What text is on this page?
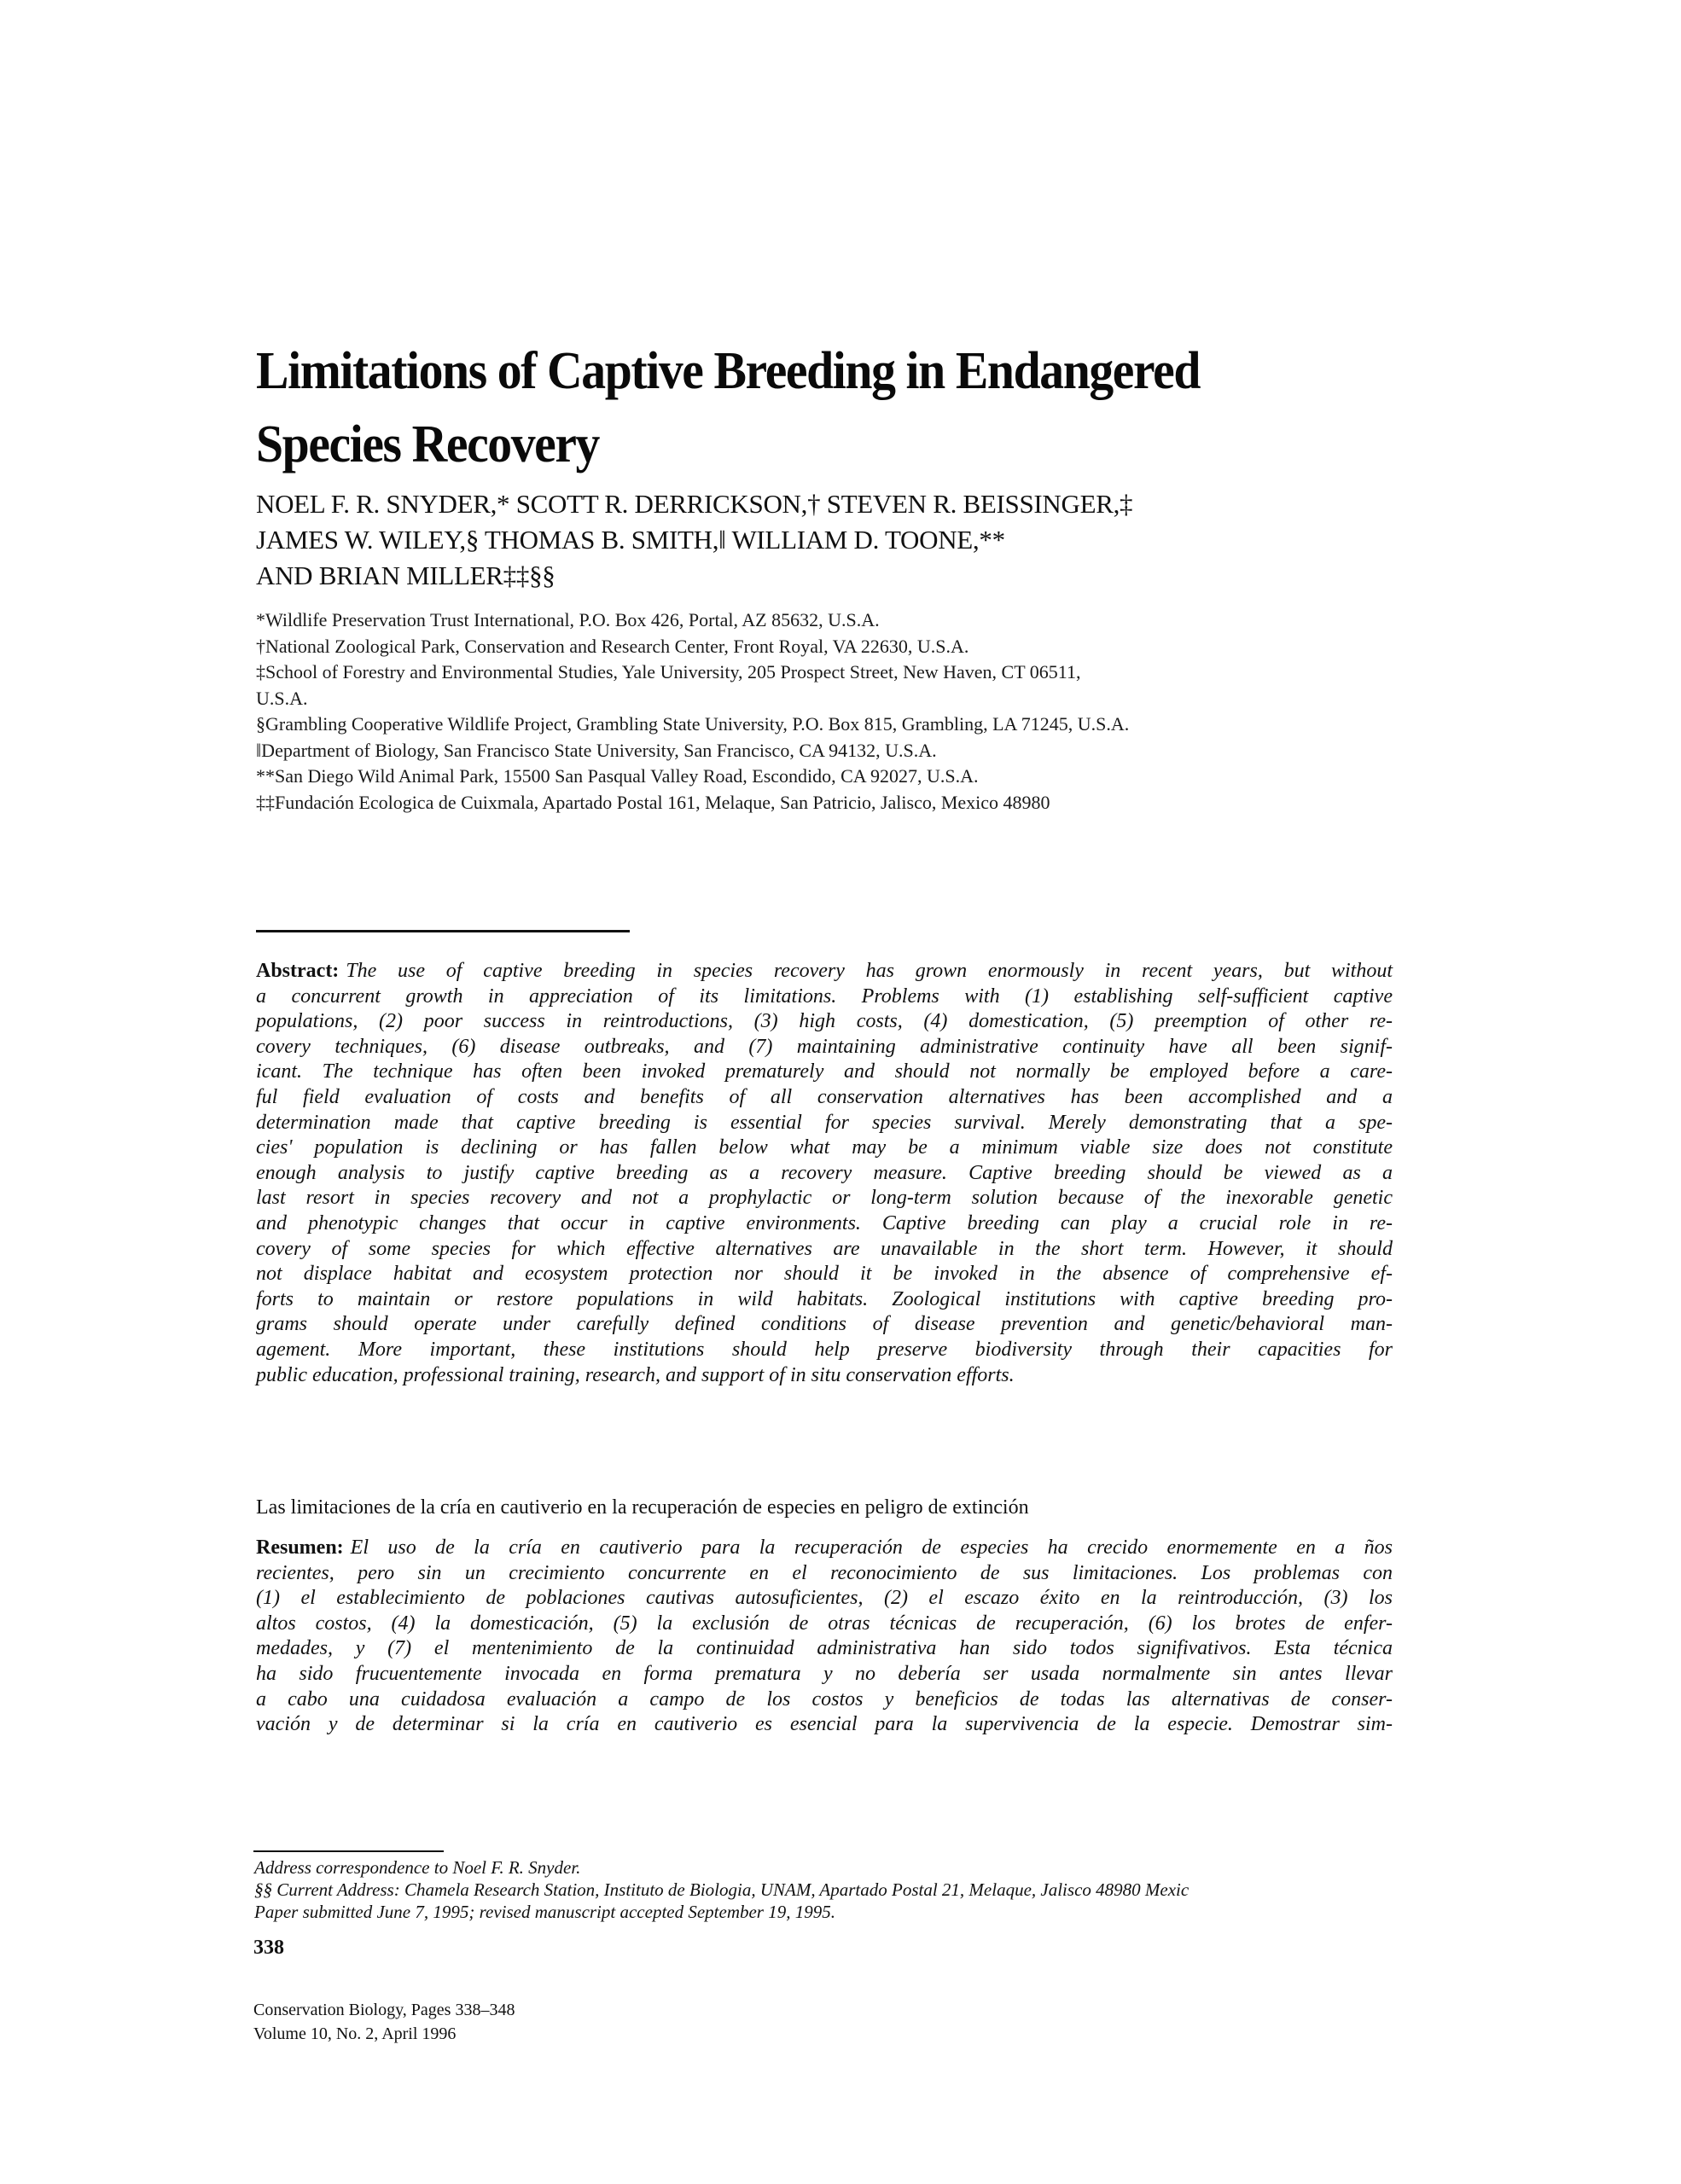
Limitations of Captive Breeding in Endangered
Species Recovery
NOEL F. R. SNYDER,* SCOTT R. DERRICKSON,† STEVEN R. BEISSINGER,‡
JAMES W. WILEY,§ THOMAS B. SMITH,‖ WILLIAM D. TOONE,**
AND BRIAN MILLER‡‡§§
*Wildlife Preservation Trust International, P.O. Box 426, Portal, AZ 85632, U.S.A.
†National Zoological Park, Conservation and Research Center, Front Royal, VA 22630, U.S.A.
‡School of Forestry and Environmental Studies, Yale University, 205 Prospect Street, New Haven, CT 06511,
U.S.A.
§Grambling Cooperative Wildlife Project, Grambling State University, P.O. Box 815, Grambling, LA 71245, U.S.A.
‖Department of Biology, San Francisco State University, San Francisco, CA 94132, U.S.A.
**San Diego Wild Animal Park, 15500 San Pasqual Valley Road, Escondido, CA 92027, U.S.A.
‡‡Fundación Ecologica de Cuixmala, Apartado Postal 161, Melaque, San Patricio, Jalisco, Mexico 48980
Abstract: The use of captive breeding in species recovery has grown enormously in recent years, but without
a concurrent growth in appreciation of its limitations. Problems with (1) establishing self-sufficient captive
populations, (2) poor success in reintroductions, (3) high costs, (4) domestication, (5) preemption of other re-
covery techniques, (6) disease outbreaks, and (7) maintaining administrative continuity have all been signif-
icant. The technique has often been invoked prematurely and should not normally be employed before a care-
ful field evaluation of costs and benefits of all conservation alternatives has been accomplished and a
determination made that captive breeding is essential for species survival. Merely demonstrating that a spe-
cies' population is declining or has fallen below what may be a minimum viable size does not constitute
enough analysis to justify captive breeding as a recovery measure. Captive breeding should be viewed as a
last resort in species recovery and not a prophylactic or long-term solution because of the inexorable genetic
and phenotypic changes that occur in captive environments. Captive breeding can play a crucial role in re-
covery of some species for which effective alternatives are unavailable in the short term. However, it should
not displace habitat and ecosystem protection nor should it be invoked in the absence of comprehensive ef-
forts to maintain or restore populations in wild habitats. Zoological institutions with captive breeding pro-
grams should operate under carefully defined conditions of disease prevention and genetic/behavioral man-
agement. More important, these institutions should help preserve biodiversity through their capacities for
public education, professional training, research, and support of in situ conservation efforts.
Las limitaciones de la cría en cautiverio en la recuperación de especies en peligro de extinción
Resumen: El uso de la cría en cautiverio para la recuperación de especies ha crecido enormemente en a ños
recientes, pero sin un crecimiento concurrente en el reconocimiento de sus limitaciones. Los problemas con
(1) el establecimiento de poblaciones cautivas autosuficientes, (2) el escazo éxito en la reintroducción, (3) los
altos costos, (4) la domesticación, (5) la exclusión de otras técnicas de recuperación, (6) los brotes de enfer-
medades, y (7) el mentenimiento de la continuidad administrativa han sido todos signifivativos. Esta técnica
ha sido frucuentemente invocada en forma prematura y no debería ser usada normalmente sin antes llevar
a cabo una cuidadosa evaluación a campo de los costos y beneficios de todas las alternativas de conser-
vación y de determinar si la cría en cautiverio es esencial para la supervivencia de la especie. Demostrar sim-
Address correspondence to Noel F. R. Snyder.
§§ Current Address: Chamela Research Station, Instituto de Biologia, UNAM, Apartado Postal 21, Melaque, Jalisco 48980 Mexic
Paper submitted June 7, 1995; revised manuscript accepted September 19, 1995.
338
Conservation Biology, Pages 338–348
Volume 10, No. 2, April 1996
